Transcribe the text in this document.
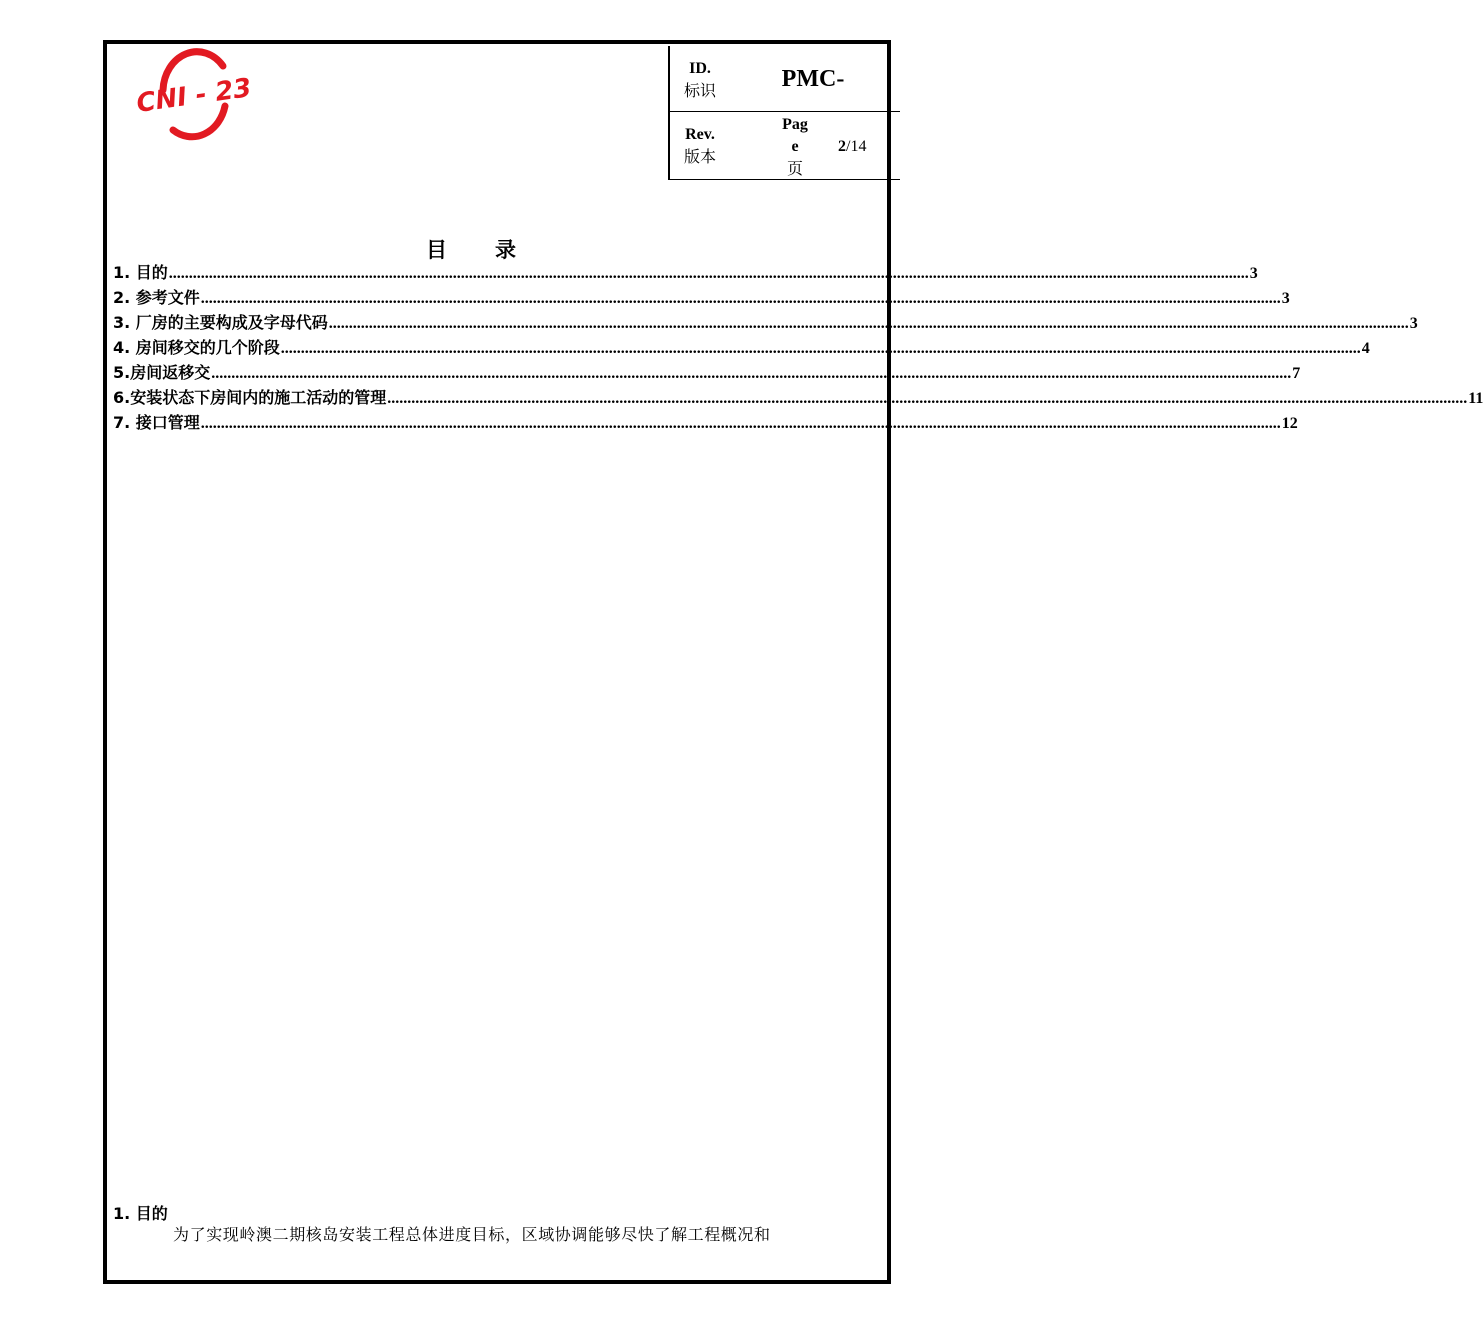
CNI - 23
ID.
标识	PMC-
Rev.
版本
Pag
e
页
2/14
目录
1. 目的 .....	3
2. 参考文件 .....	3
3. 厂房的主要构成及字母代码 .....	3
4. 房间移交的几个阶段 .....	4
5.房间返移交 .....	7
6.安装状态下房间内的施工活动的管理 .....	11
7. 接口管理 .....	12
1. 目的
为了实现岭澳二期核岛安装工程总体进度目标，区域协调能够尽快了解工程概况和
